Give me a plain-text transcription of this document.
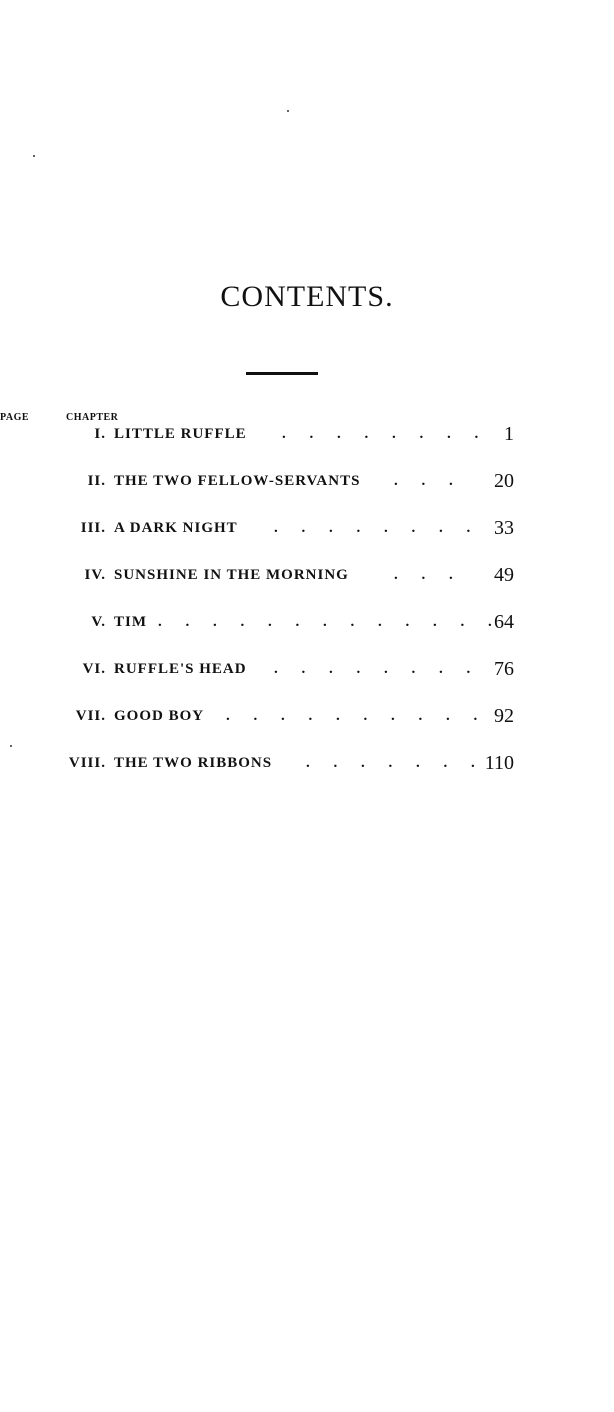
CONTENTS.
CHAPTER
PAGE
I. LITTLE RUFFLE . . . . . . . . 1
II. THE TWO FELLOW-SERVANTS . . . 20
III. A DARK NIGHT . . . . . . . . 33
IV. SUNSHINE IN THE MORNING	. . . 49
V. TIM . . . . . . . . . . . . .
64
VI. RUFFLE'S HEAD . . . . . . . . 76
VII. GOOD BOY . . . . . . . . . . 92
VIII. THE TWO RIBBONS . . . . . . . 110
